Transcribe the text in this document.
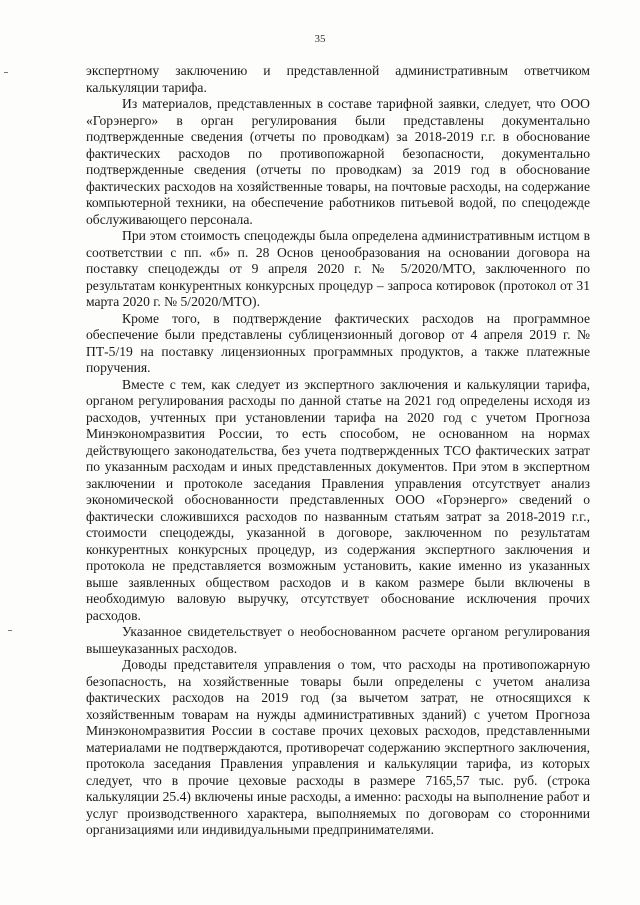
35

экспертному заключению и представленной административным ответчиком калькуляции тарифа.

Из материалов, представленных в составе тарифной заявки, следует, что ООО «Горэнерго» в орган регулирования были представлены документально подтвержденные сведения (отчеты по проводкам) за 2018-2019 г.г. в обоснование фактических расходов по противопожарной безопасности, документально подтвержденные сведения (отчеты по проводкам) за 2019 год в обоснование фактических расходов на хозяйственные товары, на почтовые расходы, на содержание компьютерной техники, на обеспечение работников питьевой водой, по спецодежде обслуживающего персонала.

При этом стоимость спецодежды была определена административным истцом в соответствии с пп. «б» п. 28 Основ ценообразования на основании договора на поставку спецодежды от 9 апреля 2020 г. № 5/2020/МТО, заключенного по результатам конкурентных конкурсных процедур – запроса котировок (протокол от 31 марта 2020 г. № 5/2020/МТО).

Кроме того, в подтверждение фактических расходов на программное обеспечение были представлены сублицензионный договор от 4 апреля 2019 г. № ПТ-5/19 на поставку лицензионных программных продуктов, а также платежные поручения.

Вместе с тем, как следует из экспертного заключения и калькуляции тарифа, органом регулирования расходы по данной статье на 2021 год определены исходя из расходов, учтенных при установлении тарифа на 2020 год с учетом Прогноза Минэкономразвития России, то есть способом, не основанном на нормах действующего законодательства, без учета подтвержденных ТСО фактических затрат по указанным расходам и иных представленных документов. При этом в экспертном заключении и протоколе заседания Правления управления отсутствует анализ экономической обоснованности представленных ООО «Горэнерго» сведений о фактически сложившихся расходов по названным статьям затрат за 2018-2019 г.г., стоимости спецодежды, указанной в договоре, заключенном по результатам конкурентных конкурсных процедур, из содержания экспертного заключения и протокола не представляется возможным установить, какие именно из указанных выше заявленных обществом расходов и в каком размере были включены в необходимую валовую выручку, отсутствует обоснование исключения прочих расходов.

Указанное свидетельствует о необоснованном расчете органом регулирования вышеуказанных расходов.

Доводы представителя управления о том, что расходы на противопожарную безопасность, на хозяйственные товары были определены с учетом анализа фактических расходов на 2019 год (за вычетом затрат, не относящихся к хозяйственным товарам на нужды административных зданий) с учетом Прогноза Минэкономразвития России в составе прочих цеховых расходов, представленными материалами не подтверждаются, противоречат содержанию экспертного заключения, протокола заседания Правления управления и калькуляции тарифа, из которых следует, что в прочие цеховые расходы в размере 7165,57 тыс. руб. (строка калькуляции 25.4) включены иные расходы, а именно: расходы на выполнение работ и услуг производственного характера, выполняемых по договорам со сторонними организациями или индивидуальными предпринимателями.
